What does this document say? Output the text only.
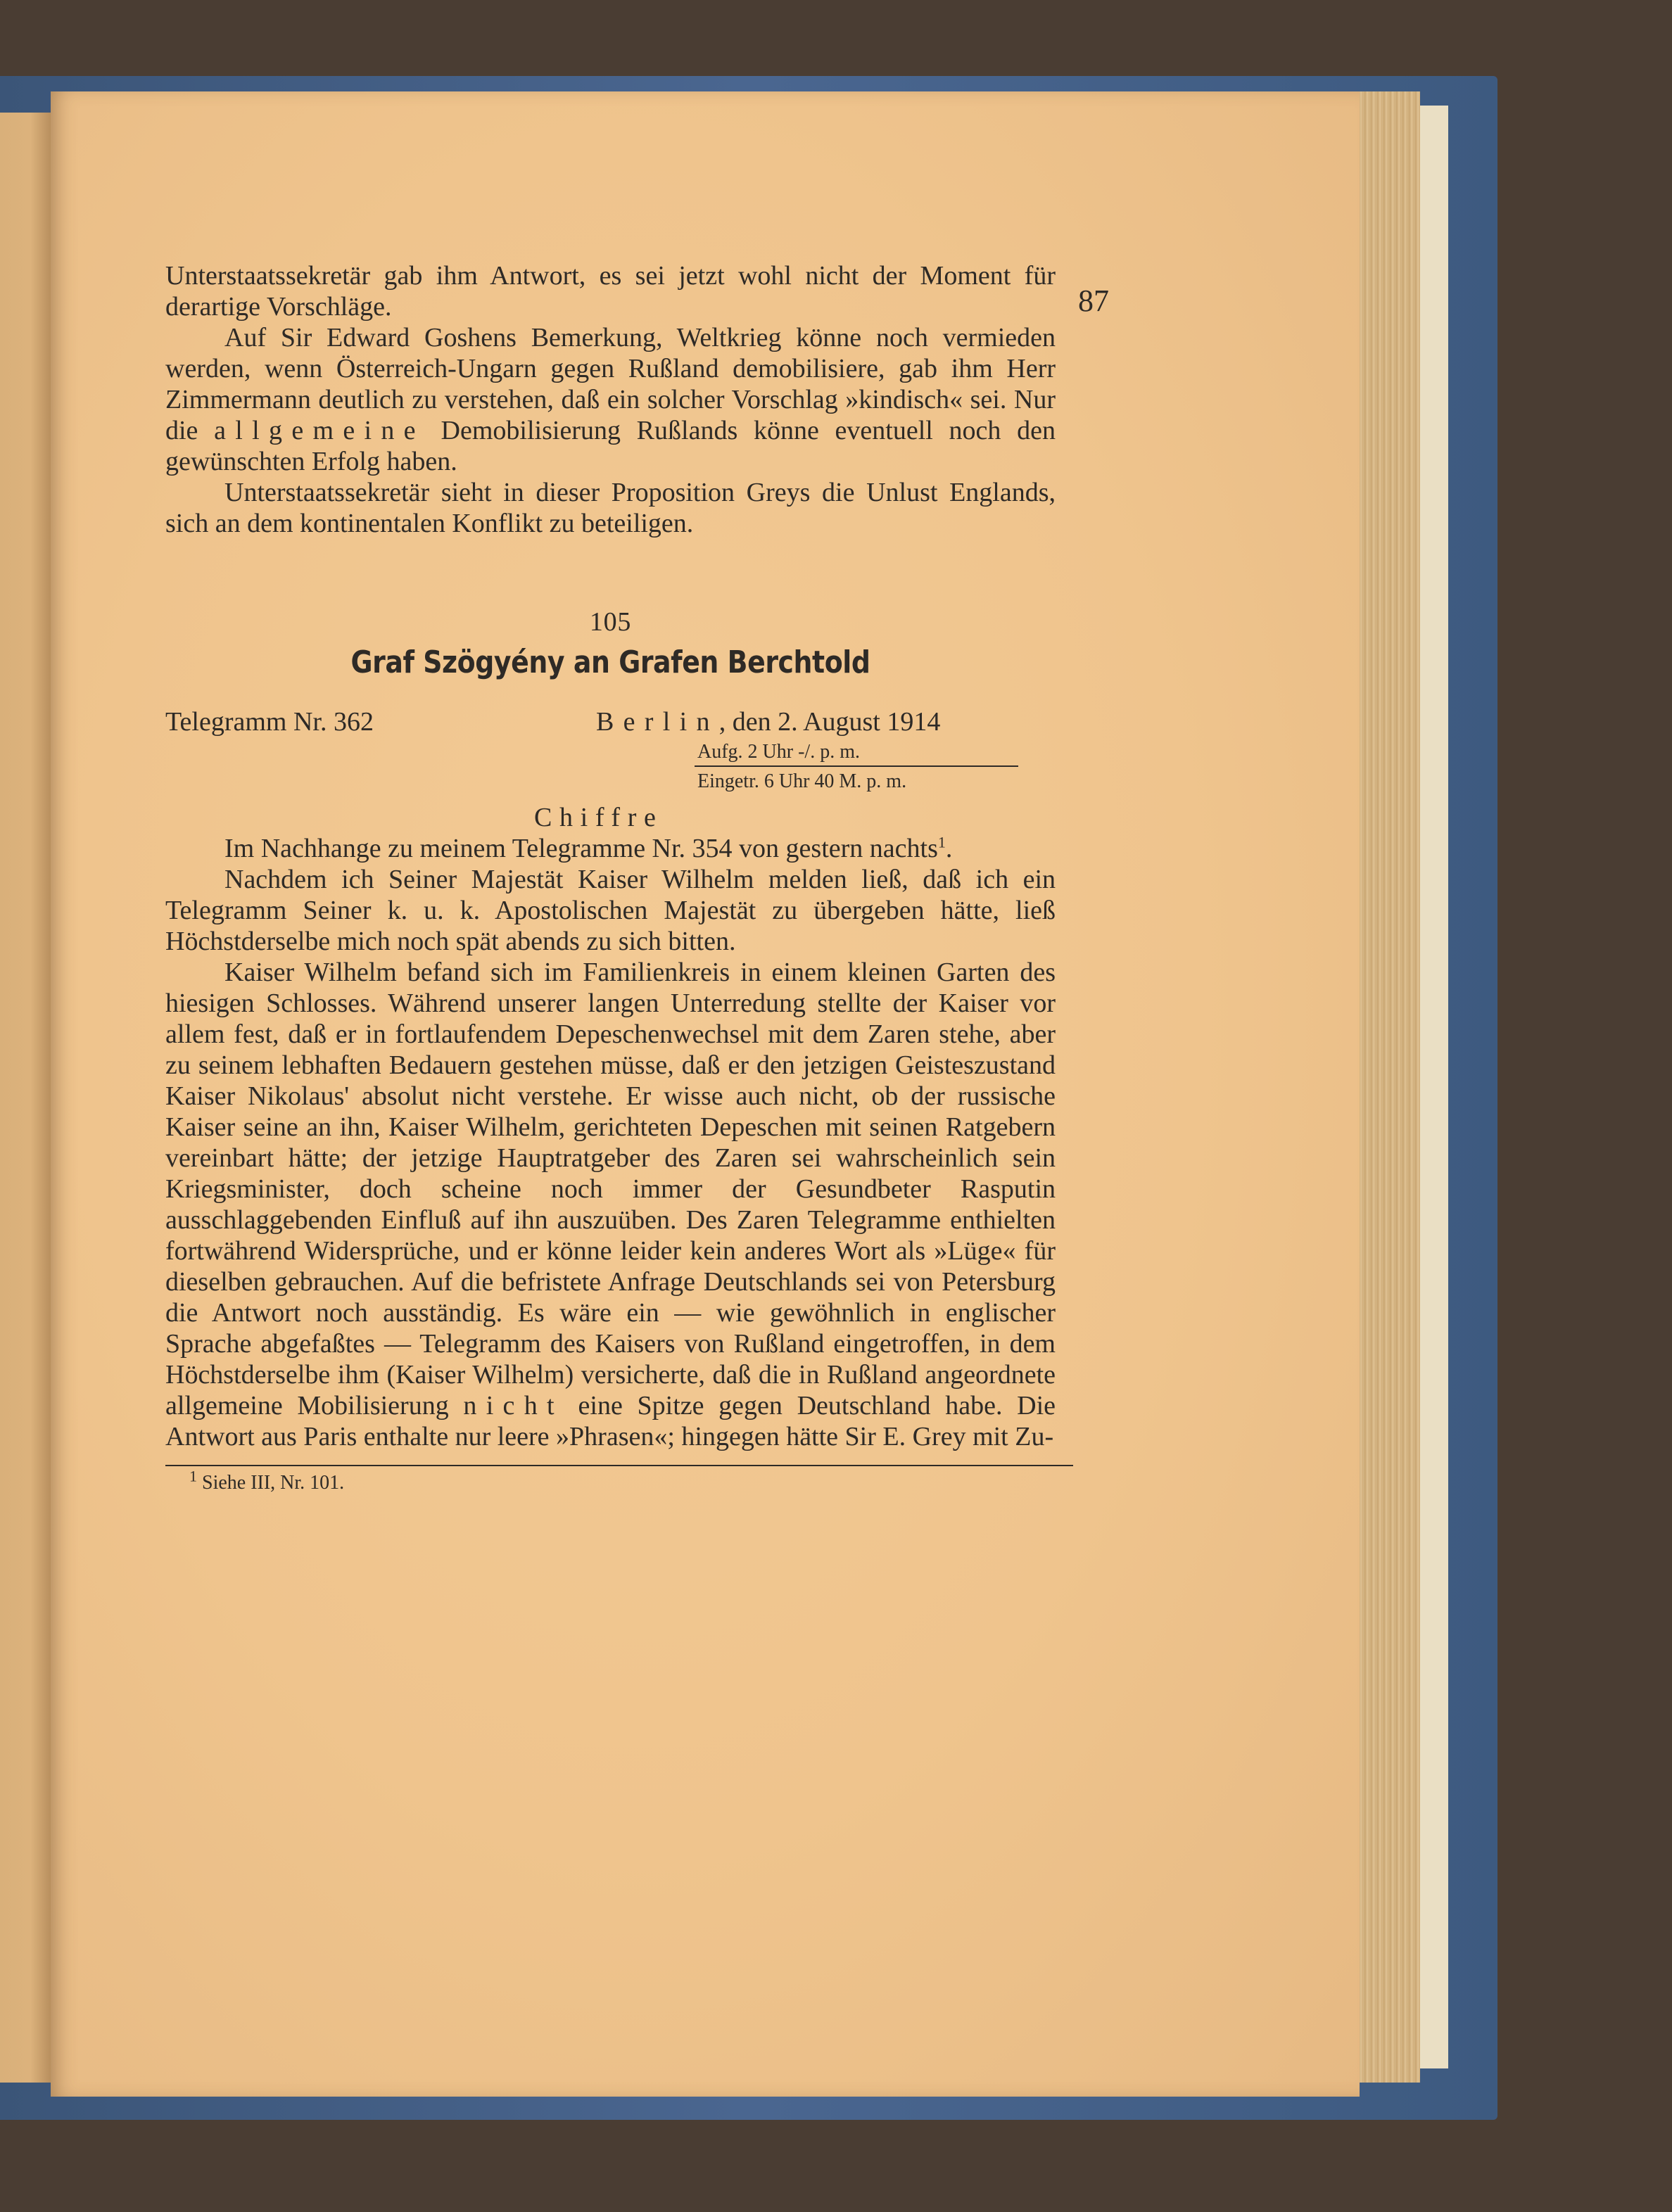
87

Unterstaatssekretär gab ihm Antwort, es sei jetzt wohl nicht der Moment für derartige Vorschläge.

Auf Sir Edward Goshens Bemerkung, Weltkrieg könne noch vermieden werden, wenn Österreich-Ungarn gegen Rußland demobilisiere, gab ihm Herr Zimmermann deutlich zu verstehen, daß ein solcher Vorschlag »kindisch« sei. Nur die allgemeine Demobilisierung Rußlands könne eventuell noch den gewünschten Erfolg haben.

Unterstaatssekretär sieht in dieser Proposition Greys die Unlust Englands, sich an dem kontinentalen Konflikt zu beteiligen.

105
Graf Szögyény an Grafen Berchtold
Telegramm Nr. 362	Berlin, den 2. August 1914
Aufg. 2 Uhr -/. p. m.
Eingetr. 6 Uhr 40 M. p. m.
Chiffre

Im Nachhange zu meinem Telegramme Nr. 354 von gestern nachts$^1$.

Nachdem ich Seiner Majestät Kaiser Wilhelm melden ließ, daß ich ein Telegramm Seiner k. u. k. Apostolischen Majestät zu übergeben hätte, ließ Höchstderselbe mich noch spät abends zu sich bitten.

Kaiser Wilhelm befand sich im Familienkreis in einem kleinen Garten des hiesigen Schlosses. Während unserer langen Unterredung stellte der Kaiser vor allem fest, daß er in fortlaufendem Depeschenwechsel mit dem Zaren stehe, aber zu seinem lebhaften Bedauern gestehen müsse, daß er den jetzigen Geisteszustand Kaiser Nikolaus' absolut nicht verstehe. Er wisse auch nicht, ob der russische Kaiser seine an ihn, Kaiser Wilhelm, gerichteten Depeschen mit seinen Ratgebern vereinbart hätte; der jetzige Hauptratgeber des Zaren sei wahrscheinlich sein Kriegsminister, doch scheine noch immer der Gesundbeter Rasputin ausschlaggebenden Einfluß auf ihn auszuüben. Des Zaren Telegramme enthielten fortwährend Widersprüche, und er könne leider kein anderes Wort als »Lüge« für dieselben gebrauchen. Auf die befristete Anfrage Deutschlands sei von Petersburg die Antwort noch ausständig. Es wäre ein — wie gewöhnlich in englischer Sprache abgefaßtes — Telegramm des Kaisers von Rußland eingetroffen, in dem Höchstderselbe ihm (Kaiser Wilhelm) versicherte, daß die in Rußland angeordnete allgemeine Mobilisierung nicht eine Spitze gegen Deutschland habe. Die Antwort aus Paris enthalte nur leere »Phrasen«; hingegen hätte Sir E. Grey mit Zu-

$^1$ Siehe III, Nr. 101.
